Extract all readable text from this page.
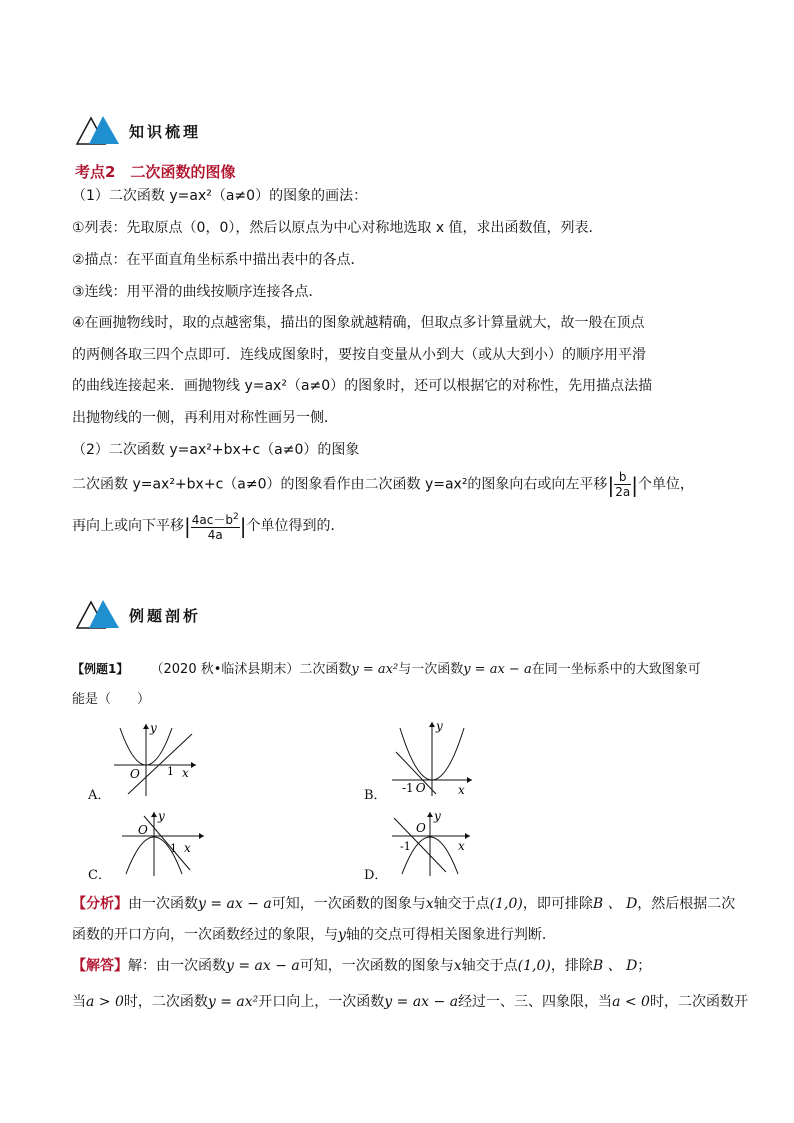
知识梳理
考点2　二次函数的图像
（1）二次函数 y=ax²（a≠0）的图象的画法：
①列表：先取原点（0，0），然后以原点为中心对称地选取 x 值，求出函数值，列表．
②描点：在平面直角坐标系中描出表中的各点．
③连线：用平滑的曲线按顺序连接各点．
④在画抛物线时，取的点越密集，描出的图象就越精确，但取点多计算量就大，故一般在顶点
的两侧各取三四个点即可．连线成图象时，要按自变量从小到大（或从大到小）的顺序用平滑
的曲线连接起来．画抛物线 y=ax²（a≠0）的图象时，还可以根据它的对称性，先用描点法描
出抛物线的一侧，再利用对称性画另一侧．
（2）二次函数 y=ax²+bx+c（a≠0）的图象
二次函数 y=ax²+bx+c（a≠0）的图象看作由二次函数 y=ax²的图象向右或向左平移| $\frac{b}{2a}$ |个单位，
再向上或向下平移| $\frac{4ac-b^2}{4a}$ |个单位得到的．
例题剖析
【例题1】 （2020 秋•临沭县期末）二次函数y = ax²与一次函数y = ax − a在同一坐标系中的大致图象可
能是（　　）
y
O 1 x
A．
y
-1 O	x
B．
y
O
1 x
C．
y
O
-1	x
D．
【分析】由一次函数y = ax − a可知，一次函数的图象与x轴交于点(1,0)，即可排除B 、 D，然后根据二次
函数的开口方向，一次函数经过的象限，与y轴的交点可得相关图象进行判断．
【解答】解：由一次函数y = ax − a可知，一次函数的图象与x轴交于点(1,0)，排除B 、 D；
当a > 0时，二次函数y = ax²开口向上，一次函数y = ax − a经过一、三、四象限，当a < 0时，二次函数开
